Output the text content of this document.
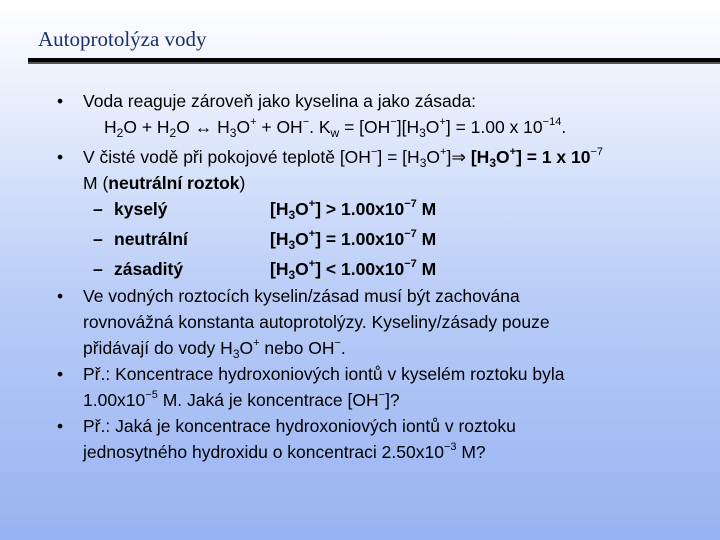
Autoprotolýza vody
• Voda reaguje zároveň jako kyselina a jako zásada:
$H_2O + H_2O$ ↔ $H_3O^+ + OH^-$. $K_w = [OH^-][H_3O^+] = 1.00$ x $10^{-14}$.
• V čisté vodě při pokojové teplotě $[OH^-] = [H_3O^+]\Rightarrow$ $[H_3O^+] = 1$ x $10^{-7}$
M (neutrální roztok)
– kyselý	$[H_3O^+] > 1.00x10^{-7}$ M
– neutrální	$[H_3O^+] = 1.00x10^{-7}$ M
– zásaditý	$[H_3O^+] < 1.00x10^{-7}$ M
• Ve vodných roztocích kyselin/zásad musí být zachována
rovnovážná konstanta autoprotolýzy. Kyseliny/zásady pouze
přidávají do vody $H_3O^+$ nebo OH−.
• Př.: Koncentrace hydroxoniových iontů v kyselém roztoku byla
$1.00x10^{-5}$ M. Jaká je koncentrace [OH−]?
• Př.: Jaká je koncentrace hydroxoniových iontů v roztoku
jednosytného hydroxidu o koncentraci $2.50x10^{-3}$ M?
